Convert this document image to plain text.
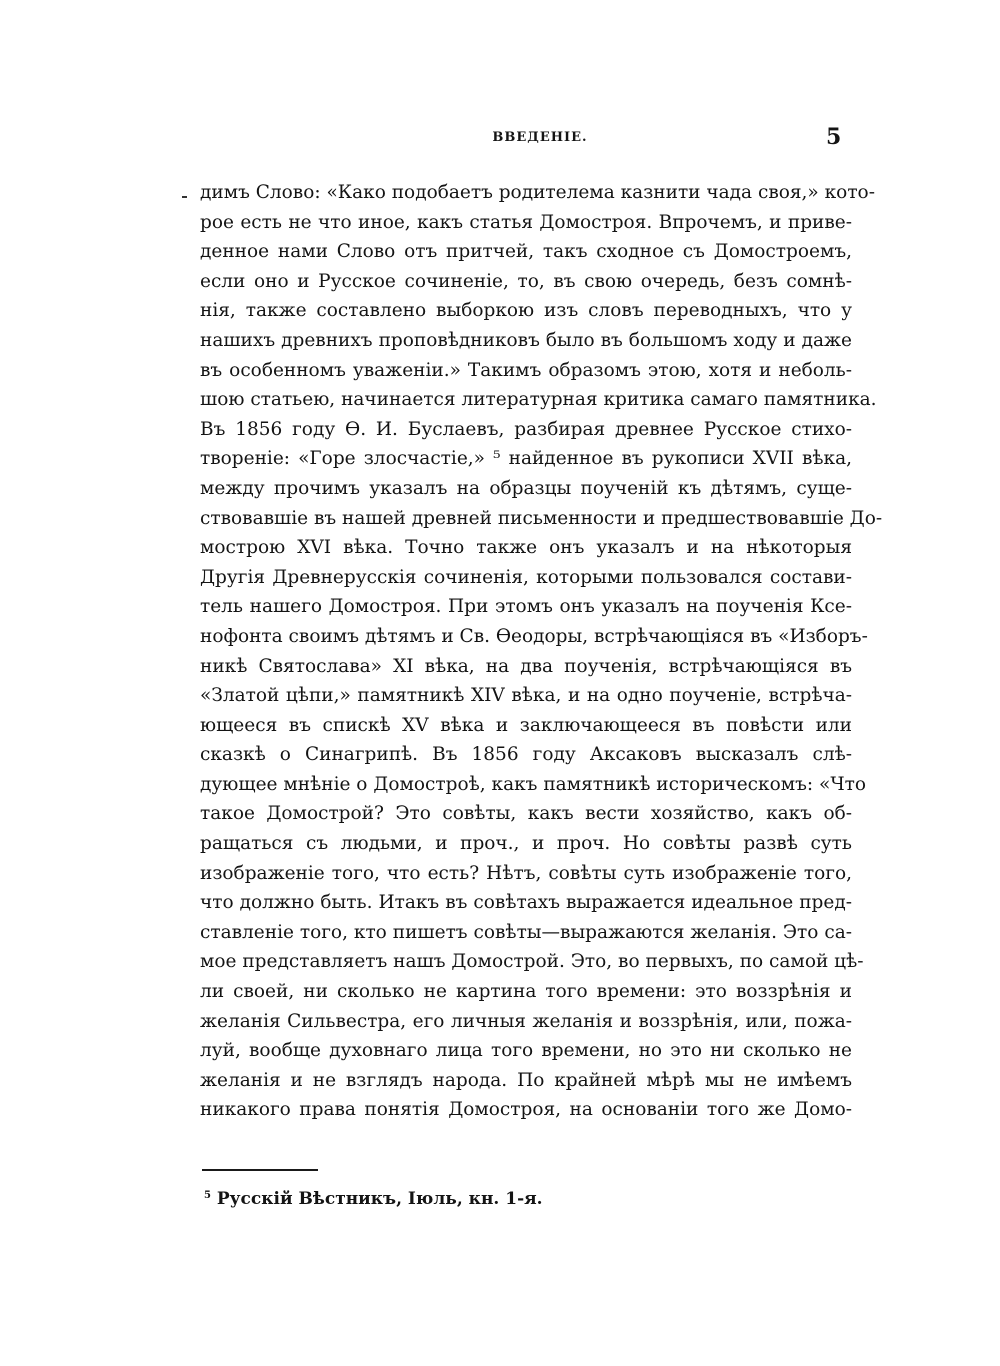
ВВЕДЕНІЕ.	5
димъ Слово: «Како подобаетъ родителема казнити чада своя,» кото-
рое есть не что иное, какъ статья Домостроя. Впрочемъ, и приве-
денное нами Слово отъ притчей, такъ сходное съ Домостроемъ,
если оно и Русское сочиненіе, то, въ свою очередь, безъ сомнѣ-
нія, также составлено выборкою изъ словъ переводныхъ, что у
нашихъ древнихъ проповѣдниковъ было въ большомъ ходу и даже
въ особенномъ уваженіи.» Такимъ образомъ этою, хотя и неболь-
шою статьею, начинается литературная критика самаго памятника.
Въ 1856 году Ѳ. И. Буслаевъ, разбирая древнее Русское стихо-
твореніе: «Горе злосчастіе,» ⁵ найденное въ рукописи XVII вѣка,
между прочимъ указалъ на образцы поученій къ дѣтямъ, суще-
ствовавшіе въ нашей древней письменности и предшествовавшіе До-
мострою XVI вѣка. Точно также онъ указалъ и на нѣкоторыя
Другія Древнерусскія сочиненія, которыми пользовался состави-
тель нашего Домостроя. При этомъ онъ указалъ на поученія Ксе-
нофонта своимъ дѣтямъ и Св. Ѳеодоры, встрѣчающіяся въ «Изборъ-
никѣ Святослава» XI вѣка, на два поученія, встрѣчающіяся въ
«Златой цѣпи,» памятникѣ XIV вѣка, и на одно поученіе, встрѣча-
ющееся въ спискѣ XV вѣка и заключающееся въ повѣсти или
сказкѣ о Синагрипѣ. Въ 1856 году Аксаковъ высказалъ слѣ-
дующее мнѣніе о Домостроѣ, какъ памятникѣ историческомъ: «Что
такое Домострой? Это совѣты, какъ вести хозяйство, какъ об-
ращаться съ людьми, и проч., и проч. Но совѣты развѣ суть
изображеніе того, что есть? Нѣтъ, совѣты суть изображеніе того,
что должно быть. Итакъ въ совѣтахъ выражается идеальное пред-
ставленіе того, кто пишетъ совѣты—выражаются желанія. Это са-
мое представляетъ нашъ Домострой. Это, во первыхъ, по самой цѣ-
ли своей, ни сколько не картина того времени: это воззрѣнія и
желанія Сильвестра, его личныя желанія и воззрѣнія, или, пожа-
луй, вообще духовнаго лица того времени, но это ни сколько не
желанія и не взглядъ народа. По крайней мѣрѣ мы не имѣемъ
никакого права понятія Домостроя, на основаніи того же Домо-
$^5$ Русскій Вѣстникъ, Іюль, кн. 1-я.
